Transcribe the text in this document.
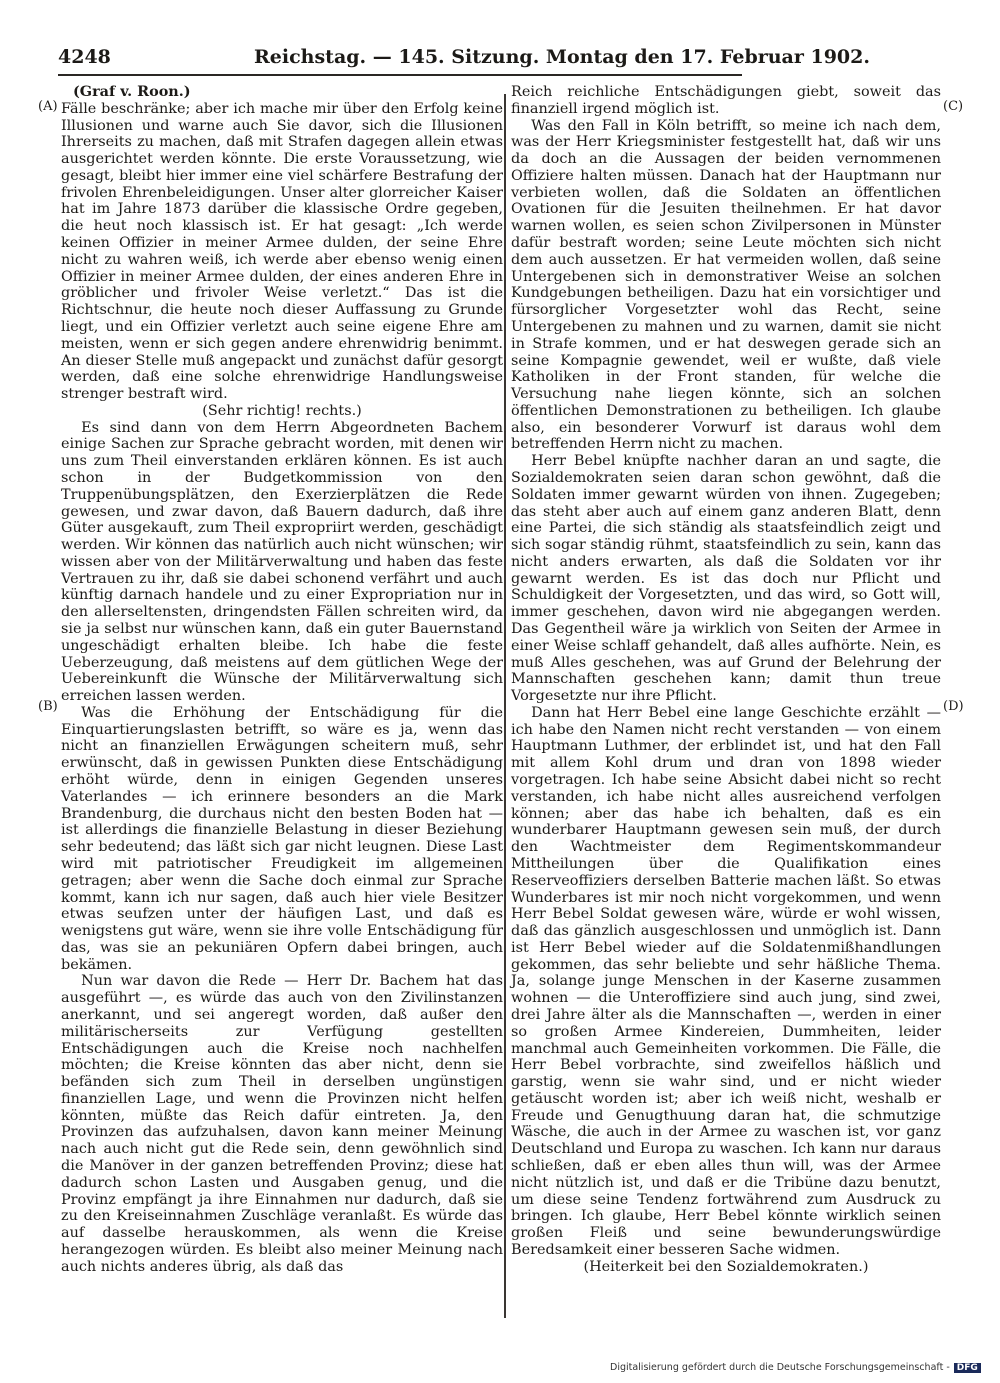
4248	Reichstag. — 145. Sitzung. Montag den 17. Februar 1902.
(A)
(B)
(C)
(D)

(Graf v. Roon.)

Fälle beschränke; aber ich mache mir über den Erfolg keine Illusionen und warne auch Sie davor, sich die Illusionen Ihrerseits zu machen, daß mit Strafen dagegen allein etwas ausgerichtet werden könnte. Die erste Voraussetzung, wie gesagt, bleibt hier immer eine viel schärfere Bestrafung der frivolen Ehrenbeleidigungen. Unser alter glorreicher Kaiser hat im Jahre 1873 darüber die klassische Ordre gegeben, die heut noch klassisch ist. Er hat gesagt: „Ich werde keinen Offizier in meiner Armee dulden, der seine Ehre nicht zu wahren weiß, ich werde aber ebenso wenig einen Offizier in meiner Armee dulden, der eines anderen Ehre in gröblicher und frivoler Weise verletzt.“ Das ist die Richtschnur, die heute noch dieser Auffassung zu Grunde liegt, und ein Offizier verletzt auch seine eigene Ehre am meisten, wenn er sich gegen andere ehrenwidrig benimmt. An dieser Stelle muß angepackt und zunächst dafür gesorgt werden, daß eine solche ehrenwidrige Handlungsweise strenger bestraft wird.

(Sehr richtig! rechts.)

Es sind dann von dem Herrn Abgeordneten Bachem einige Sachen zur Sprache gebracht worden, mit denen wir uns zum Theil einverstanden erklären können. Es ist auch schon in der Budgetkommission von den Truppenübungsplätzen, den Exerzierplätzen die Rede gewesen, und zwar davon, daß Bauern dadurch, daß ihre Güter ausgekauft, zum Theil expropriirt werden, geschädigt werden. Wir können das natürlich auch nicht wünschen; wir wissen aber von der Militärverwaltung und haben das feste Vertrauen zu ihr, daß sie dabei schonend verfährt und auch künftig darnach handele und zu einer Expropriation nur in den allerseltensten, dringendsten Fällen schreiten wird, da sie ja selbst nur wünschen kann, daß ein guter Bauernstand ungeschädigt erhalten bleibe. Ich habe die feste Ueberzeugung, daß meistens auf dem gütlichen Wege der Uebereinkunft die Wünsche der Militärverwaltung sich erreichen lassen werden.

Was die Erhöhung der Entschädigung für die Einquartierungslasten betrifft, so wäre es ja, wenn das nicht an finanziellen Erwägungen scheitern muß, sehr erwünscht, daß in gewissen Punkten diese Entschädigung erhöht würde, denn in einigen Gegenden unseres Vaterlandes — ich erinnere besonders an die Mark Brandenburg, die durchaus nicht den besten Boden hat — ist allerdings die finanzielle Belastung in dieser Beziehung sehr bedeutend; das läßt sich gar nicht leugnen. Diese Last wird mit patriotischer Freudigkeit im allgemeinen getragen; aber wenn die Sache doch einmal zur Sprache kommt, kann ich nur sagen, daß auch hier viele Besitzer etwas seufzen unter der häufigen Last, und daß es wenigstens gut wäre, wenn sie ihre volle Entschädigung für das, was sie an pekuniären Opfern dabei bringen, auch bekämen.

Nun war davon die Rede — Herr Dr. Bachem hat das ausgeführt —, es würde das auch von den Zivilinstanzen anerkannt, und sei angeregt worden, daß außer den militärischerseits zur Verfügung gestellten Entschädigungen auch die Kreise noch nachhelfen möchten; die Kreise könnten das aber nicht, denn sie befänden sich zum Theil in derselben ungünstigen finanziellen Lage, und wenn die Provinzen nicht helfen könnten, müßte das Reich dafür eintreten. Ja, den Provinzen das aufzuhalsen, davon kann meiner Meinung nach auch nicht gut die Rede sein, denn gewöhnlich sind die Manöver in der ganzen betreffenden Provinz; diese hat dadurch schon Lasten und Ausgaben genug, und die Provinz empfängt ja ihre Einnahmen nur dadurch, daß sie zu den Kreiseinnahmen Zuschläge veranlaßt. Es würde das auf dasselbe herauskommen, als wenn die Kreise herangezogen würden. Es bleibt also meiner Meinung nach auch nichts anderes übrig, als daß das

Reich reichliche Entschädigungen giebt, soweit das finanziell irgend möglich ist.

Was den Fall in Köln betrifft, so meine ich nach dem, was der Herr Kriegsminister festgestellt hat, daß wir uns da doch an die Aussagen der beiden vernommenen Offiziere halten müssen. Danach hat der Hauptmann nur verbieten wollen, daß die Soldaten an öffentlichen Ovationen für die Jesuiten theilnehmen. Er hat davor warnen wollen, es seien schon Zivilpersonen in Münster dafür bestraft worden; seine Leute möchten sich nicht dem auch aussetzen. Er hat vermeiden wollen, daß seine Untergebenen sich in demonstrativer Weise an solchen Kundgebungen betheiligen. Dazu hat ein vorsichtiger und fürsorglicher Vorgesetzter wohl das Recht, seine Untergebenen zu mahnen und zu warnen, damit sie nicht in Strafe kommen, und er hat deswegen gerade sich an seine Kompagnie gewendet, weil er wußte, daß viele Katholiken in der Front standen, für welche die Versuchung nahe liegen könnte, sich an solchen öffentlichen Demonstrationen zu betheiligen. Ich glaube also, ein besonderer Vorwurf ist daraus wohl dem betreffenden Herrn nicht zu machen.

Herr Bebel knüpfte nachher daran an und sagte, die Sozialdemokraten seien daran schon gewöhnt, daß die Soldaten immer gewarnt würden von ihnen. Zugegeben; das steht aber auch auf einem ganz anderen Blatt, denn eine Partei, die sich ständig als staatsfeindlich zeigt und sich sogar ständig rühmt, staatsfeindlich zu sein, kann das nicht anders erwarten, als daß die Soldaten vor ihr gewarnt werden. Es ist das doch nur Pflicht und Schuldigkeit der Vorgesetzten, und das wird, so Gott will, immer geschehen, davon wird nie abgegangen werden. Das Gegentheil wäre ja wirklich von Seiten der Armee in einer Weise schlaff gehandelt, daß alles aufhörte. Nein, es muß Alles geschehen, was auf Grund der Belehrung der Mannschaften geschehen kann; damit thun treue Vorgesetzte nur ihre Pflicht.

Dann hat Herr Bebel eine lange Geschichte erzählt — ich habe den Namen nicht recht verstanden — von einem Hauptmann Luthmer, der erblindet ist, und hat den Fall mit allem Kohl drum und dran von 1898 wieder vorgetragen. Ich habe seine Absicht dabei nicht so recht verstanden, ich habe nicht alles ausreichend verfolgen können; aber das habe ich behalten, daß es ein wunderbarer Hauptmann gewesen sein muß, der durch den Wachtmeister dem Regimentskommandeur Mittheilungen über die Qualifikation eines Reserveoffiziers derselben Batterie machen läßt. So etwas Wunderbares ist mir noch nicht vorgekommen, und wenn Herr Bebel Soldat gewesen wäre, würde er wohl wissen, daß das gänzlich ausgeschlossen und unmöglich ist. Dann ist Herr Bebel wieder auf die Soldatenmißhandlungen gekommen, das sehr beliebte und sehr häßliche Thema. Ja, solange junge Menschen in der Kaserne zusammen wohnen — die Unteroffiziere sind auch jung, sind zwei, drei Jahre älter als die Mannschaften —, werden in einer so großen Armee Kindereien, Dummheiten, leider manchmal auch Gemeinheiten vorkommen. Die Fälle, die Herr Bebel vorbrachte, sind zweifellos häßlich und garstig, wenn sie wahr sind, und er nicht wieder getäuscht worden ist; aber ich weiß nicht, weshalb er Freude und Genugthuung daran hat, die schmutzige Wäsche, die auch in der Armee zu waschen ist, vor ganz Deutschland und Europa zu waschen. Ich kann nur daraus schließen, daß er eben alles thun will, was der Armee nicht nützlich ist, und daß er die Tribüne dazu benutzt, um diese seine Tendenz fortwährend zum Ausdruck zu bringen. Ich glaube, Herr Bebel könnte wirklich seinen großen Fleiß und seine bewunderungswürdige Beredsamkeit einer besseren Sache widmen.

(Heiterkeit bei den Sozialdemokraten.)

Digitalisierung gefördert durch die Deutsche Forschungsgemeinschaft - DFG
